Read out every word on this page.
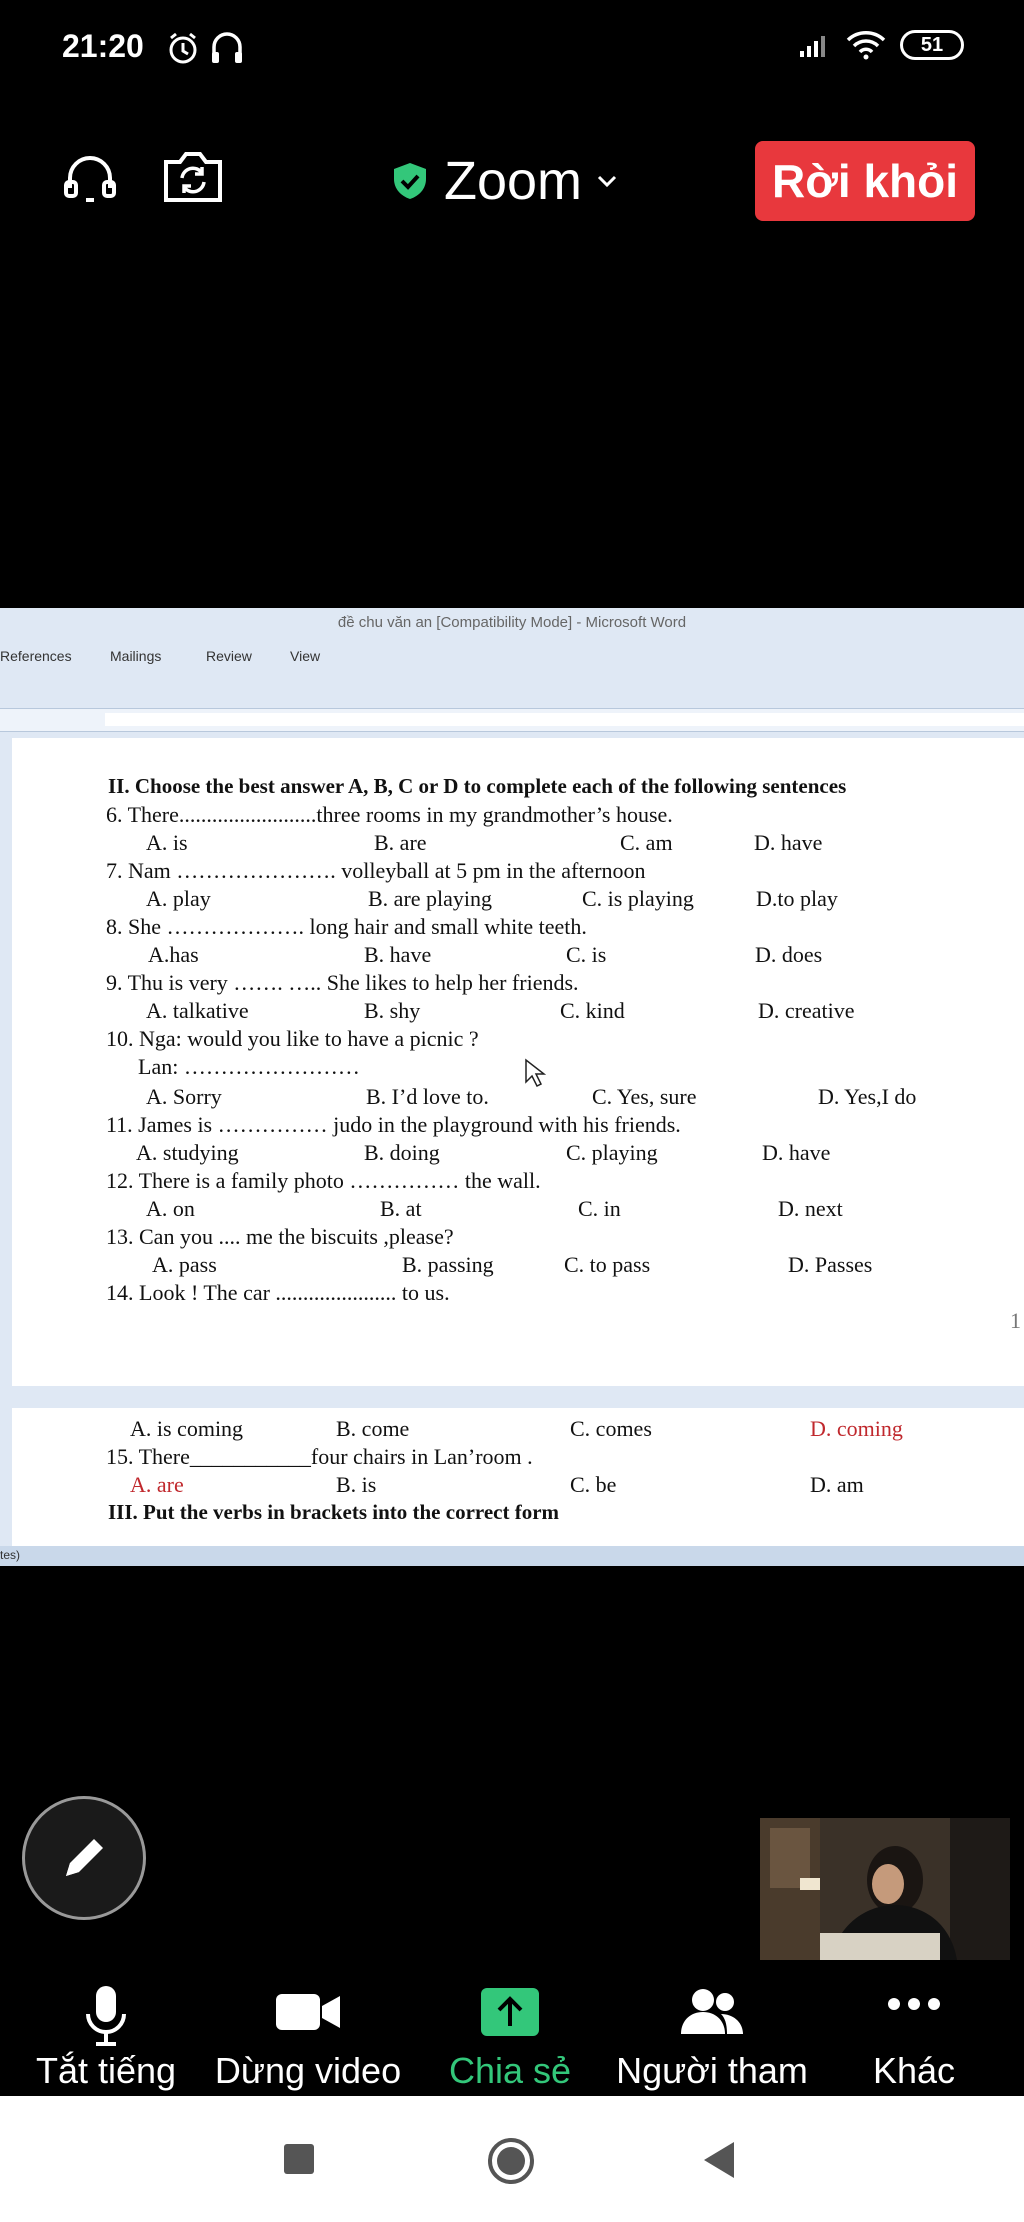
21:20	51
Zoom	Rời khỏi
đề chu văn an [Compatibility Mode] - Microsoft Word
References	Mailings	Review	View
II. Choose the best answer A, B, C or D to complete each of the following sentences
6. There.........................three rooms in my grandmother’s house.
A. is	B. are	C. am	D. have
7. Nam …………………. volleyball at 5 pm in the afternoon
A. play	B. are playing	C. is playing	D.to play
8. She ………………. long hair and small white teeth.
A.has	B. have	C. is	D. does
9. Thu is very ……. ….. She likes to help her friends.
A. talkative	B. shy	C. kind	D. creative
10. Nga: would you like to have a picnic ?
Lan: ……………………
A. Sorry	B. I’d love to.	C. Yes, sure	D. Yes,I do
11. James is …………… judo in the playground with his friends.
A. studying	B. doing	C. playing	D. have
12. There is a family photo …………… the wall.
A. on	B. at	C. in	D. next
13. Can you .... me the biscuits ,please?
A. pass	B. passing	C. to pass	D. Passes
14. Look ! The car ...................... to us.
1
A. is coming	B. come	C. comes	D. coming
15. There___________four chairs in Lan’room .
A. are	B. is	C. be	D. am
III. Put the verbs in brackets into the correct form
tes)
Tắt tiếng	Dừng video	Chia sẻ	Người tham	Khác
